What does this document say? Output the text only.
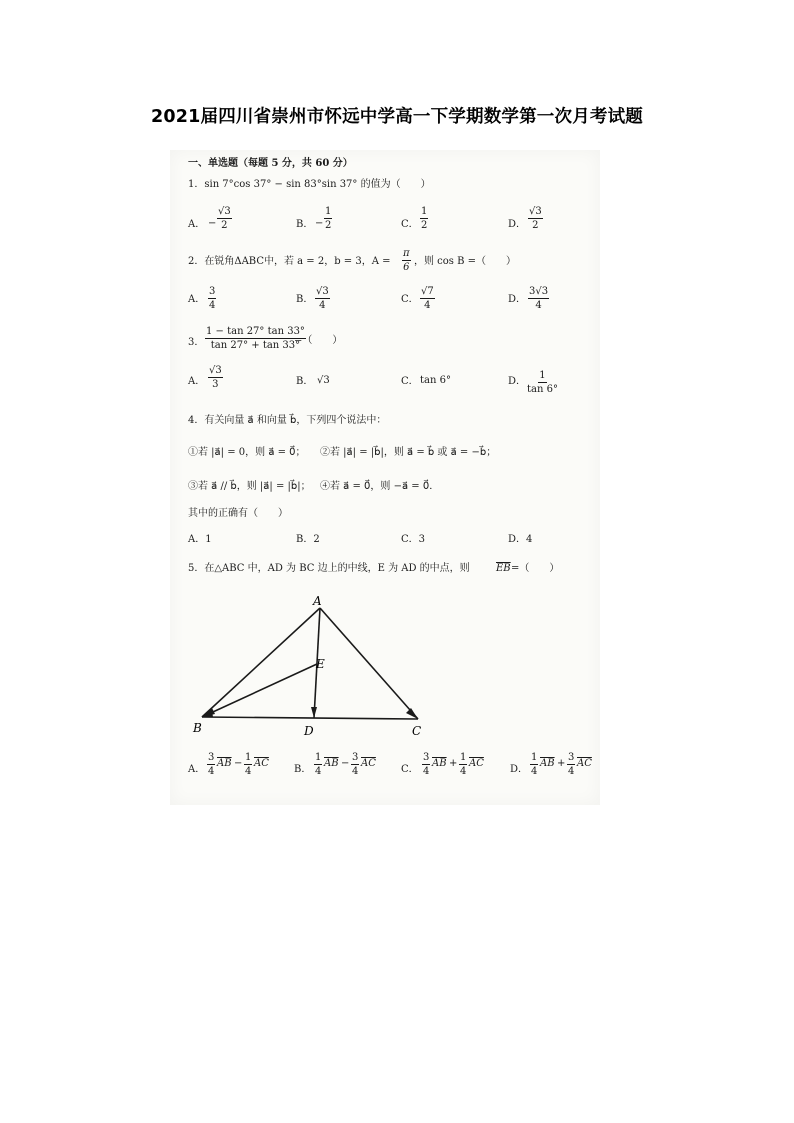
2021届四川省崇州市怀远中学高一下学期数学第一次月考试题
一、单选题（每题 5 分，共 60 分）
1．sin 7°cos 37° − sin 83°sin 37° 的值为（　　）
A． − $\frac{√3}{2}$	B． − $\frac{1}{2}$	C． $\frac{1}{2}$	D． $\frac{√3}{2}$
2．在锐角ΔABC中，若 a = 2，b = 3，$A = \frac{\pi}{6}$ ，则 cos B =（　　）
A． $\frac{3}{4}$	B． $\frac{√3}{4}$	C． $\frac{√7}{4}$	D． $\frac{3√3}{4}$
3． $\frac{1 - \tan 27^\circ \tan 33^\circ}{\tan 27^\circ + \tan 33^\circ}$
=（　　）
A． $\frac{√3}{3}$	B． √3	C． tan 6°	D． $\frac{1}{\tan 6^\circ}$
4．有关向量 a⃗ 和向量 b⃗，下列四个说法中：
①若 |a⃗| = 0，则 a⃗ = 0⃗； ②若 |a⃗| = |b⃗|，则 a⃗ = b⃗ 或 a⃗ = −b⃗；
③若 a⃗ // b⃗，则 |a⃗| = |b⃗|； ④若 a⃗ = 0⃗，则 −a⃗ = 0⃗．
其中的正确有（　　）
A．1	B．2	C．3	D．4
5．在△ABC 中，AD 为 BC 边上的中线，E 为 AD 的中点，则	$\overline{EB}$ =（　　）
A
B	C
D
E
A． $\frac{3}{4} \overline{AB} - \frac{1}{4} \overline{AC}$
B． $\frac{1}{4} \overline{AB} - \frac{3}{4} \overline{AC}$
C． $\frac{3}{4} \overline{AB} + \frac{1}{4} \overline{AC}$
D． $\frac{1}{4} \overline{AB} + \frac{3}{4} \overline{AC}$
